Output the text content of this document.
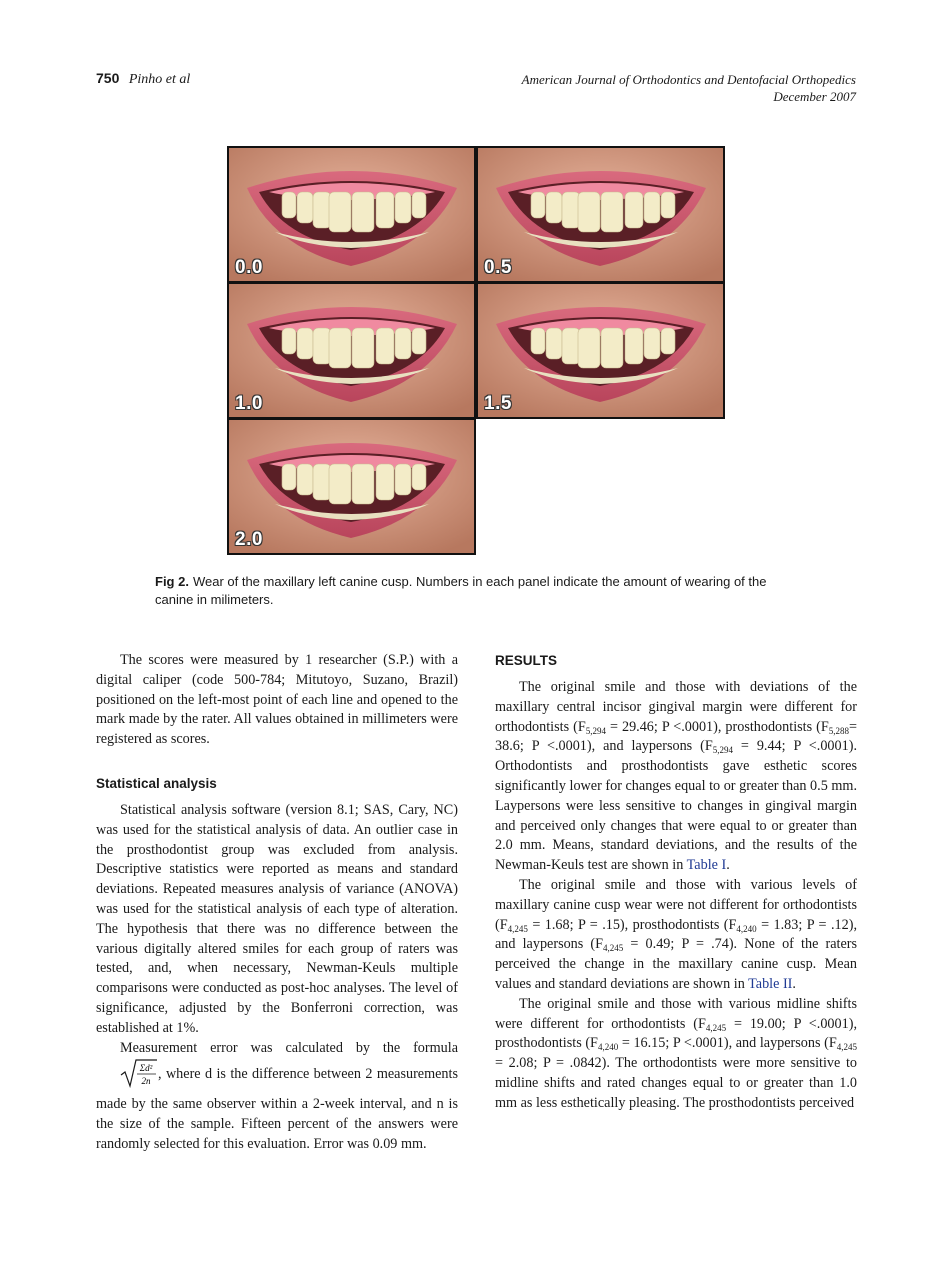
750 Pinho et al	American Journal of Orthodontics and Dentofacial Orthopedics
December 2007
0.0	0.5
1.0	1.5
2.0
Fig 2. Wear of the maxillary left canine cusp. Numbers in each panel indicate the amount of wearing of the canine in milimeters.

The scores were measured by 1 researcher (S.P.) with a digital caliper (code 500-784; Mitutoyo, Suzano, Brazil) positioned on the left-most point of each line and opened to the mark made by the rater. All values obtained in millimeters were registered as scores.

Statistical analysis

Statistical analysis software (version 8.1; SAS, Cary, NC) was used for the statistical analysis of data. An outlier case in the prosthodontist group was excluded from analysis. Descriptive statistics were reported as means and standard deviations. Repeated measures analysis of variance (ANOVA) was used for the statistical analysis of each type of alteration. The hypothesis that there was no difference between the various digitally altered smiles for each group of raters was tested, and, when necessary, Newman-Keuls multiple comparisons were conducted as post-hoc analyses. The level of significance, adjusted by the Bonferroni correction, was established at 1%.

Measurement error was calculated by the formula
Σd²
2n , where d is the difference between 2 measurements made by the same observer within a 2-week interval, and n is the size of the sample. Fifteen percent of the answers were randomly selected for this evaluation. Error was 0.09 mm.

RESULTS

The original smile and those with deviations of the maxillary central incisor gingival margin were different for orthodontists ($F_{5,294} = 29.46$; P <.0001), prosthodontists ($F_{5,288}= 38.6$; P <.0001), and laypersons ($F_{5,294} = 9.44$; P <.0001). Orthodontists and prosthodontists gave esthetic scores significantly lower for changes equal to or greater than 0.5 mm. Laypersons were less sensitive to changes in gingival margin and perceived only changes that were equal to or greater than 2.0 mm. Means, standard deviations, and the results of the Newman-Keuls test are shown in Table I.

The original smile and those with various levels of maxillary canine cusp wear were not different for orthodontists ($F_{4,245} = 1.68$; P = .15), prosthodontists ($F_{4,240} = 1.83$; P = .12), and laypersons ($F_{4,245} = 0.49$; P = .74). None of the raters perceived the change in the maxillary canine cusp. Mean values and standard deviations are shown in Table II.

The original smile and those with various midline shifts were different for orthodontists ($F_{4,245} = 19.00$; P <.0001), prosthodontists ($F_{4,240} = 16.15$; P <.0001), and laypersons ($F_{4,245} = 2.08$; P = .0842). The orthodontists were more sensitive to midline shifts and rated changes equal to or greater than 1.0 mm as less esthetically pleasing. The prosthodontists perceived
